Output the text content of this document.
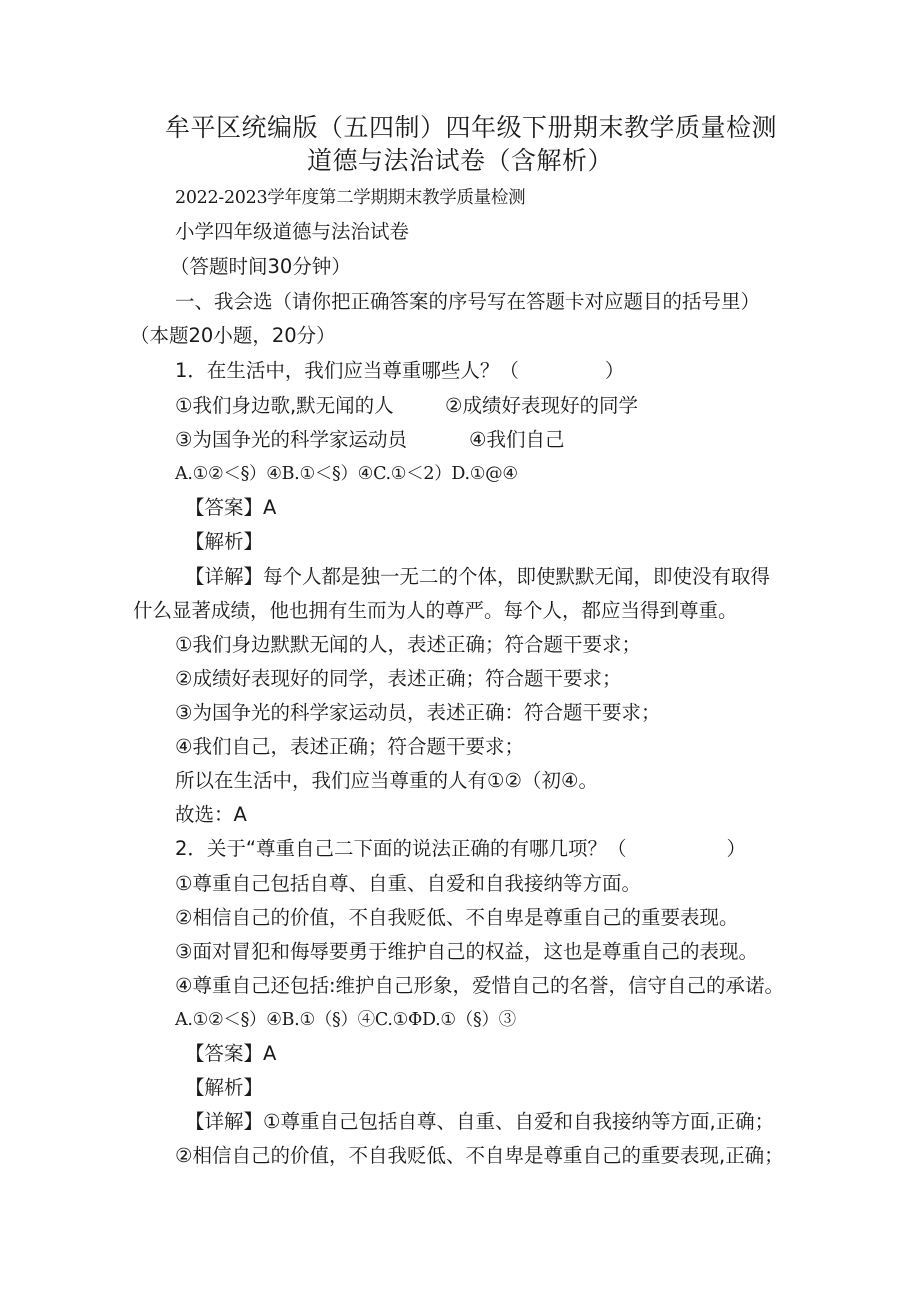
牟平区统编版（五四制）四年级下册期末教学质量检测
道德与法治试卷（含解析）
2022-2023学年度第二学期期末教学质量检测
小学四年级道德与法治试卷
（答题时间30分钟）
一、我会选（请你把正确答案的序号写在答题卡对应题目的括号里）
（本题20小题，20分）
1．在生活中，我们应当尊重哪些人？（	）
①我们身边歌,默无闻的人	②成绩好表现好的同学
③为国争光的科学家运动员	④我们自己
A.①②＜§）④B.①＜§）④C.①＜2）D.①@④
【答案】A
【解析】
【详解】每个人都是独一无二的个体，即使默默无闻，即使没有取得
什么显著成绩，他也拥有生而为人的尊严。每个人，都应当得到尊重。
①我们身边默默无闻的人，表述正确；符合题干要求；
②成绩好表现好的同学，表述正确；符合题干要求；
③为国争光的科学家运动员，表述正确：符合题干要求；
④我们自己，表述正确；符合题干要求；
所以在生活中，我们应当尊重的人有①②（初④。
故选：A
2．关于“尊重自己二下面的说法正确的有哪几项？（	）
①尊重自己包括自尊、自重、自爱和自我接纳等方面。
②相信自己的价值，不自我贬低、不自卑是尊重自己的重要表现。
③面对冒犯和侮辱要勇于维护自己的权益，这也是尊重自己的表现。
④尊重自己还包括:维护自己形象，爱惜自己的名誉，信守自己的承诺。
A.①②＜§）④B.①（§）④C.①ΦD.①（§）③
【答案】A
【解析】
【详解】①尊重自己包括自尊、自重、自爱和自我接纳等方面,正确；
②相信自己的价值，不自我贬低、不自卑是尊重自己的重要表现,正确；
